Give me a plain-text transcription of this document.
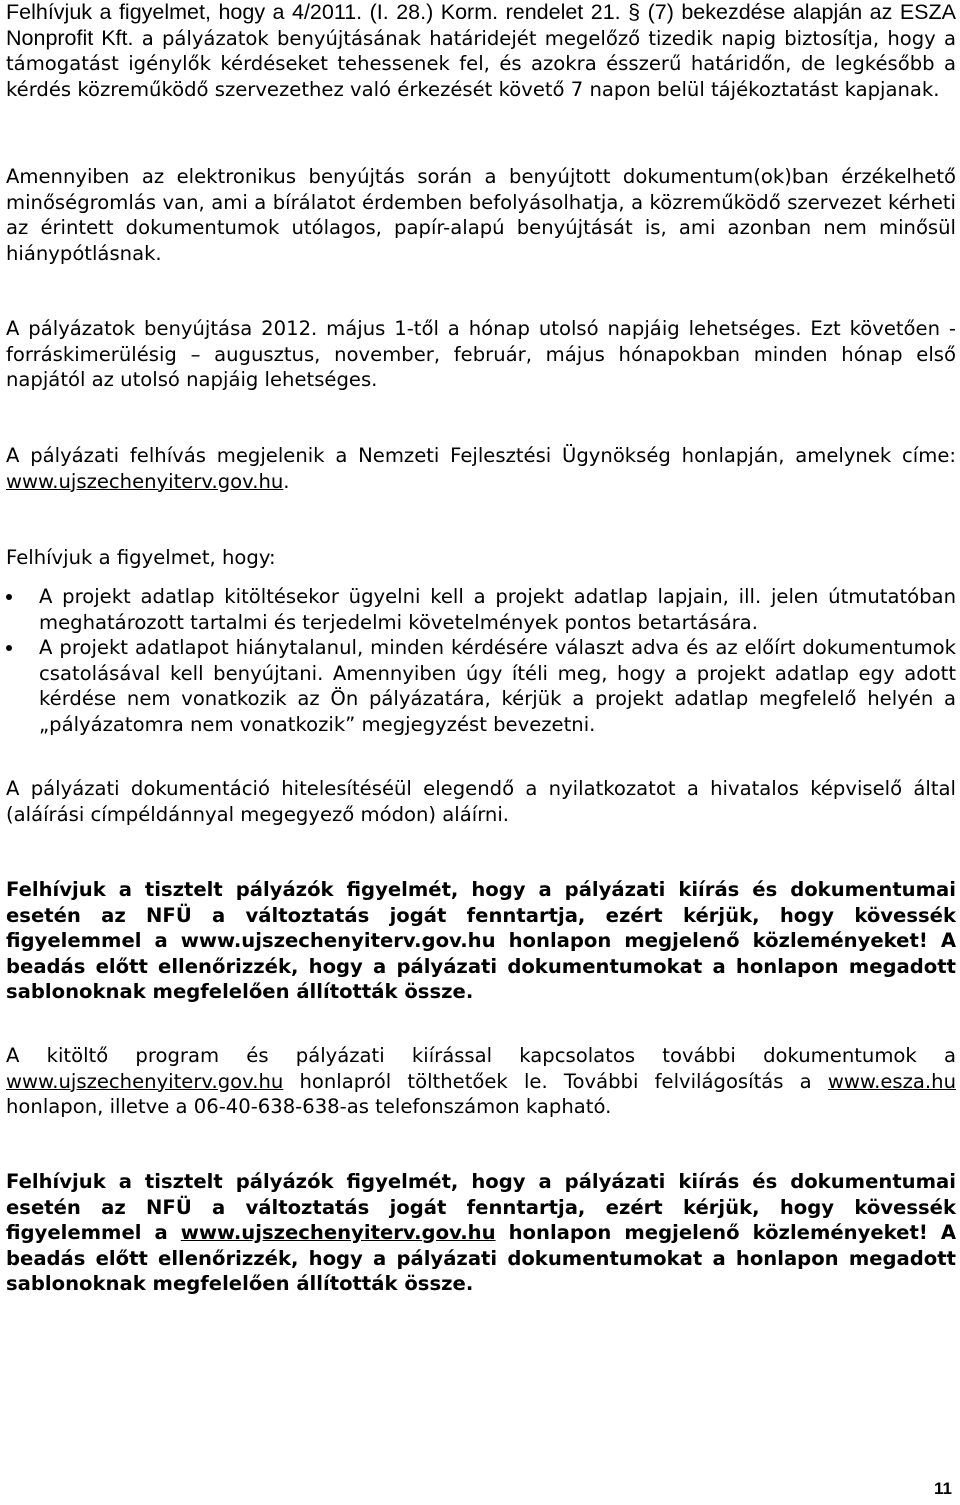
Felhívjuk a figyelmet, hogy a 4/2011. (I. 28.) Korm. rendelet 21. § (7) bekezdése alapján az ESZA Nonprofit Kft. a pályázatok benyújtásának határidejét megelőző tizedik napig biztosítja, hogy a támogatást igénylők kérdéseket tehessenek fel, és azokra ésszerű határidőn, de legkésőbb a kérdés közreműködő szervezethez való érkezését követő 7 napon belül tájékoztatást kapjanak.

Amennyiben az elektronikus benyújtás során a benyújtott dokumentum(ok)ban érzékelhető minőségromlás van, ami a bírálatot érdemben befolyásolhatja, a közreműködő szervezet kérheti az érintett dokumentumok utólagos, papír-alapú benyújtását is, ami azonban nem minősül hiánypótlásnak.

A pályázatok benyújtása 2012. május 1-től a hónap utolsó napjáig lehetséges. Ezt követően - forráskimerülésig – augusztus, november, február, május hónapokban minden hónap első napjától az utolsó napjáig lehetséges.

A pályázati felhívás megjelenik a Nemzeti Fejlesztési Ügynökség honlapján, amelynek címe: www.ujszechenyiterv.gov.hu.

Felhívjuk a figyelmet, hogy:

A projekt adatlap kitöltésekor ügyelni kell a projekt adatlap lapjain, ill. jelen útmutatóban meghatározott tartalmi és terjedelmi követelmények pontos betartására.

A projekt adatlapot hiánytalanul, minden kérdésére választ adva és az előírt dokumentumok csatolásával kell benyújtani. Amennyiben úgy ítéli meg, hogy a projekt adatlap egy adott kérdése nem vonatkozik az Ön pályázatára, kérjük a projekt adatlap megfelelő helyén a „pályázatomra nem vonatkozik” megjegyzést bevezetni.

A pályázati dokumentáció hitelesítéséül elegendő a nyilatkozatot a hivatalos képviselő által (aláírási címpéldánnyal megegyező módon) aláírni.

Felhívjuk a tisztelt pályázók figyelmét, hogy a pályázati kiírás és dokumentumai esetén az NFÜ a változtatás jogát fenntartja, ezért kérjük, hogy kövessék figyelemmel a www.ujszechenyiterv.gov.hu honlapon megjelenő közleményeket! A beadás előtt ellenőrizzék, hogy a pályázati dokumentumokat a honlapon megadott sablonoknak megfelelően állították össze.

A kitöltő program és pályázati kiírással kapcsolatos további dokumentumok a www.ujszechenyiterv.gov.hu honlapról tölthetőek le. További felvilágosítás a www.esza.hu honlapon, illetve a 06-40-638-638-as telefonszámon kapható.

Felhívjuk a tisztelt pályázók figyelmét, hogy a pályázati kiírás és dokumentumai esetén az NFÜ a változtatás jogát fenntartja, ezért kérjük, hogy kövessék figyelemmel a www.ujszechenyiterv.gov.hu honlapon megjelenő közleményeket! A beadás előtt ellenőrizzék, hogy a pályázati dokumentumokat a honlapon megadott sablonoknak megfelelően állították össze.

11
